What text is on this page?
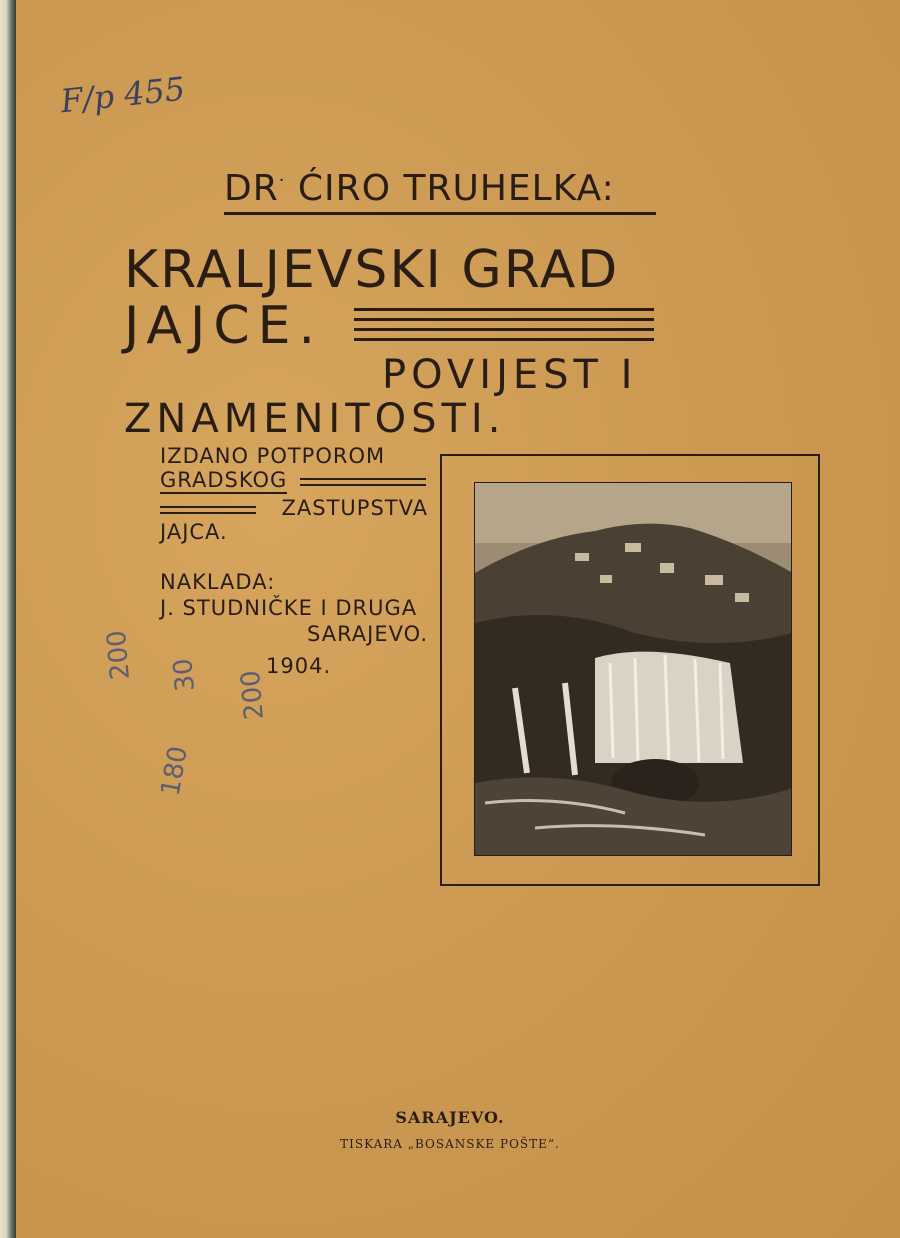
F/p 455
DR· ĆIRO TRUHELKA:
KRALJEVSKI GRAD
JAJCE.
POVIJEST I
ZNAMENITOSTI.
IZDANO POTPOROM
GRADSKOG
ZASTUPSTVA
JAJCA.
NAKLADA:
J. STUDNIČKE I DRUGA
SARAJEVO.
1904.
200 30 200
180
SARAJEVO.
TISKARA „BOSANSKE POŠTE“.
